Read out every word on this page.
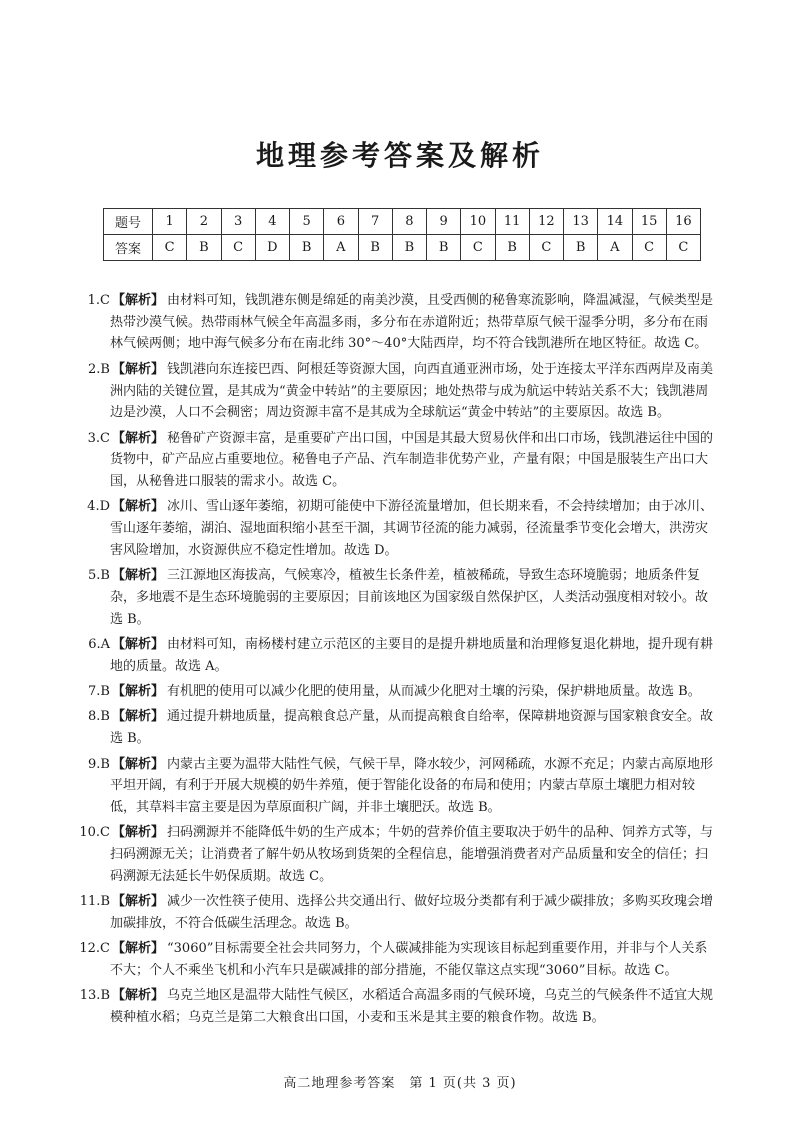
地理参考答案及解析
题号	1	2	3	4	5	6	7	8	9	10	11	12	13	14	15	16
答案	C	B	C	D	B	A	B	B	B	C	B	C	B	A	C	C
1.C 【解析】 由材料可知，钱凯港东侧是绵延的南美沙漠，且受西侧的秘鲁寒流影响，降温减湿，气候类型是热带沙漠气候。热带雨林气候全年高温多雨，多分布在赤道附近；热带草原气候干湿季分明，多分布在雨林气候两侧；地中海气候多分布在南北纬 30°～40°大陆西岸，均不符合钱凯港所在地区特征。故选 C。
2.B 【解析】 钱凯港向东连接巴西、阿根廷等资源大国，向西直通亚洲市场，处于连接太平洋东西两岸及南美洲内陆的关键位置，是其成为“黄金中转站”的主要原因；地处热带与成为航运中转站关系不大；钱凯港周边是沙漠，人口不会稠密；周边资源丰富不是其成为全球航运“黄金中转站”的主要原因。故选 B。
3.C 【解析】 秘鲁矿产资源丰富，是重要矿产出口国，中国是其最大贸易伙伴和出口市场，钱凯港运往中国的货物中，矿产品应占重要地位。秘鲁电子产品、汽车制造非优势产业，产量有限；中国是服装生产出口大国，从秘鲁进口服装的需求小。故选 C。
4.D 【解析】 冰川、雪山逐年萎缩，初期可能使中下游径流量增加，但长期来看，不会持续增加；由于冰川、雪山逐年萎缩，湖泊、湿地面积缩小甚至干涸，其调节径流的能力减弱，径流量季节变化会增大，洪涝灾害风险增加，水资源供应不稳定性增加。故选 D。
5.B 【解析】 三江源地区海拔高，气候寒冷，植被生长条件差，植被稀疏，导致生态环境脆弱；地质条件复杂，多地震不是生态环境脆弱的主要原因；目前该地区为国家级自然保护区，人类活动强度相对较小。故选 B。
6.A 【解析】 由材料可知，南杨楼村建立示范区的主要目的是提升耕地质量和治理修复退化耕地，提升现有耕地的质量。故选 A。
7.B 【解析】 有机肥的使用可以减少化肥的使用量，从而减少化肥对土壤的污染，保护耕地质量。故选 B。
8.B 【解析】 通过提升耕地质量，提高粮食总产量，从而提高粮食自给率，保障耕地资源与国家粮食安全。故选 B。
9.B 【解析】 内蒙古主要为温带大陆性气候，气候干旱，降水较少，河网稀疏，水源不充足；内蒙古高原地形平坦开阔，有利于开展大规模的奶牛养殖，便于智能化设备的布局和使用；内蒙古草原土壤肥力相对较低，其草料丰富主要是因为草原面积广阔，并非土壤肥沃。故选 B。
10.C 【解析】 扫码溯源并不能降低牛奶的生产成本；牛奶的营养价值主要取决于奶牛的品种、饲养方式等，与扫码溯源无关；让消费者了解牛奶从牧场到货架的全程信息，能增强消费者对产品质量和安全的信任；扫码溯源无法延长牛奶保质期。故选 C。
11.B 【解析】 减少一次性筷子使用、选择公共交通出行、做好垃圾分类都有利于减少碳排放；多购买玫瑰会增加碳排放，不符合低碳生活理念。故选 B。
12.C 【解析】 “3060”目标需要全社会共同努力，个人碳减排能为实现该目标起到重要作用，并非与个人关系不大；个人不乘坐飞机和小汽车只是碳减排的部分措施，不能仅靠这点实现“3060”目标。故选 C。
13.B 【解析】 乌克兰地区是温带大陆性气候区，水稻适合高温多雨的气候环境，乌克兰的气候条件不适宜大规模种植水稻；乌克兰是第二大粮食出口国，小麦和玉米是其主要的粮食作物。故选 B。
高二地理参考答案　第 1 页(共 3 页)
